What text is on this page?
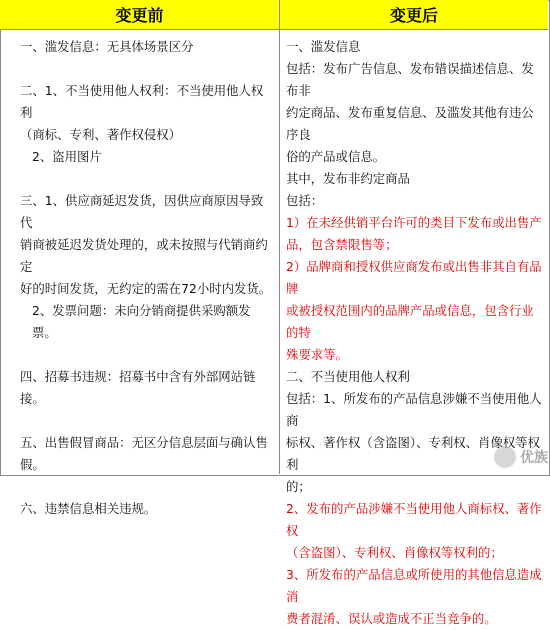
变更前	变更后

一、滥发信息：无具体场景区分

二、1、不当使用他人权利：不当使用他人权利

（商标、专利、著作权侵权）

2、盗用图片

三、1、供应商延迟发货，因供应商原因导致代

销商被延迟发货处理的，或未按照与代销商约定

好的时间发货，无约定的需在72小时内发货。

2、发票问题：未向分销商提供采购额发票。

四、招募书违规：招募书中含有外部网站链接。

五、出售假冒商品：无区分信息层面与确认售

假。

六、违禁信息相关违规。

一、滥发信息

包括：发布广告信息、发布错误描述信息、发布非

约定商品、发布重复信息、及滥发其他有违公序良

俗的产品或信息。

其中，发布非约定商品

包括：

1）在未经供销平台许可的类目下发布或出售产

品，包含禁限售等；

2）品牌商和授权供应商发布或出售非其自有品牌

或被授权范围内的品牌产品或信息，包含行业的特

殊要求等。

二、不当使用他人权利

包括：1、所发布的产品信息涉嫌不当使用他人商

标权、著作权（含盗图）、专利权、肖像权等权利

的；

2、发布的产品涉嫌不当使用他人商标权、著作权

（含盗图）、专利权、肖像权等权利的；

3、所发布的产品信息或所使用的其他信息造成消

费者混淆、误认或造成不正当竞争的。

优族
